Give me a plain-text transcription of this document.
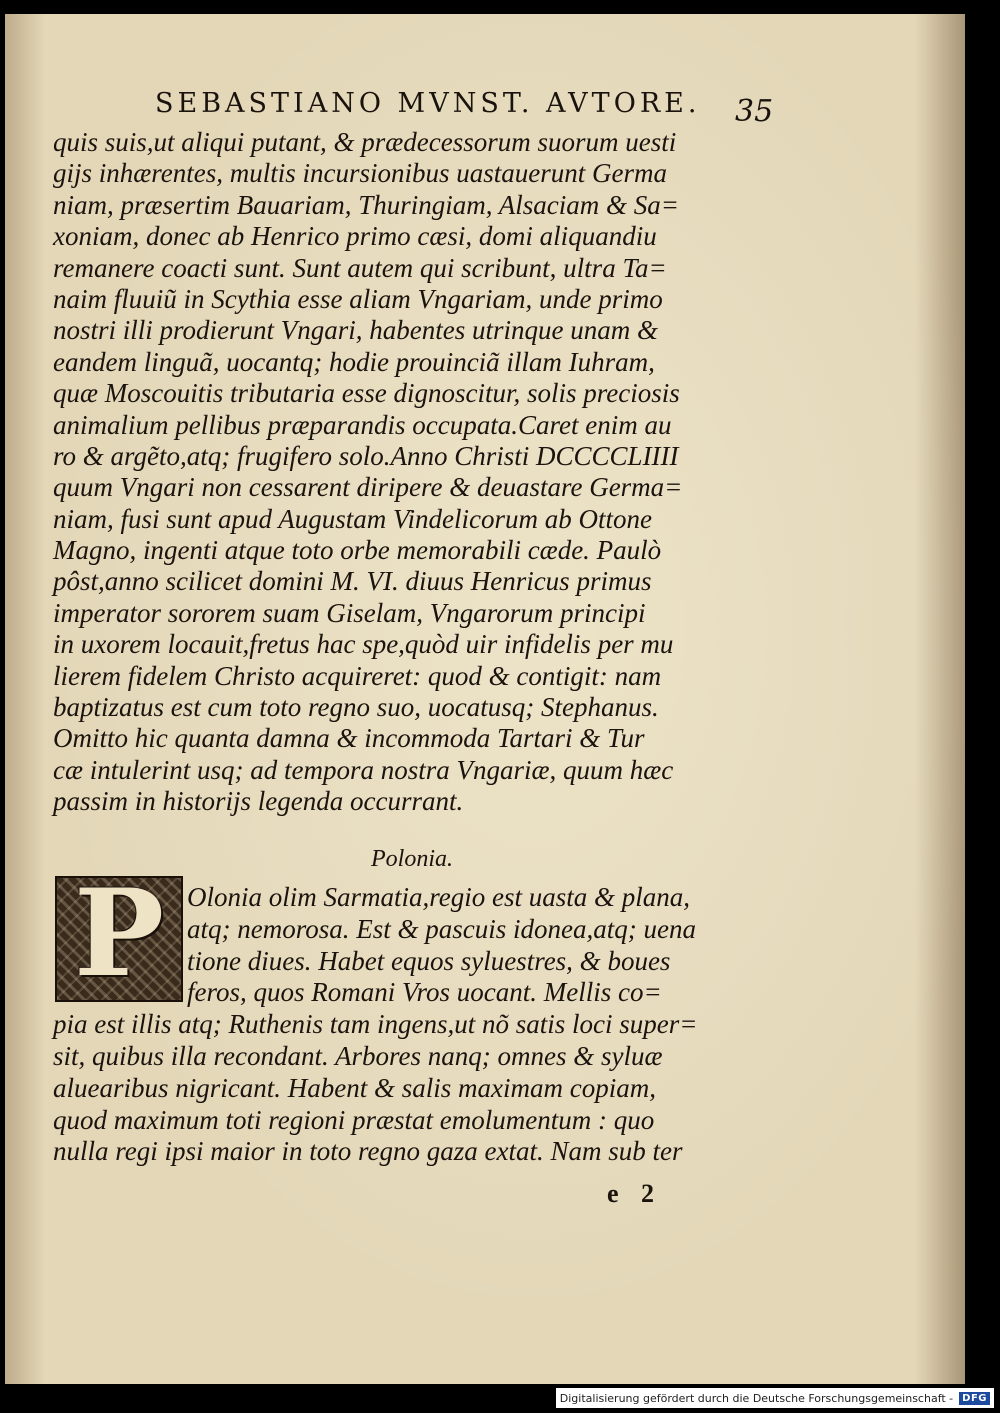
SEBASTIANO MVNST. AVTORE. 35
quis suis,ut aliqui putant, & prædecessorum suorum uesti
gijs inhærentes, multis incursionibus uastauerunt Germa
niam, præsertim Bauariam, Thuringiam, Alsaciam & Sa=
xoniam, donec ab Henrico primo cæsi, domi aliquandiu
remanere coacti sunt. Sunt autem qui scribunt, ultra Ta=
naim fluuiũ in Scythia esse aliam Vngariam, unde primo
nostri illi prodierunt Vngari, habentes utrinque unam &
eandem linguã, uocantq; hodie prouinciã illam Iuhram,
quæ Moscouitis tributaria esse dignoscitur, solis preciosis
animalium pellibus præparandis occupata.Caret enim au
ro & argẽto,atq; frugifero solo.Anno Christi DCCCCLIIII
quum Vngari non cessarent diripere & deuastare Germa=
niam, fusi sunt apud Augustam Vindelicorum ab Ottone
Magno, ingenti atque toto orbe memorabili cæde. Paulò
pôst,anno scilicet domini M. VI. diuus Henricus primus
imperator sororem suam Giselam, Vngarorum principi
in uxorem locauit,fretus hac spe,quòd uir infidelis per mu
lierem fidelem Christo acquireret: quod & contigit: nam
baptizatus est cum toto regno suo, uocatusq; Stephanus.
Omitto hic quanta damna & incommoda Tartari & Tur
cæ intulerint usq; ad tempora nostra Vngariæ, quum hæc
passim in historijs legenda occurrant.
Polonia.
P Olonia olim Sarmatia,regio est uasta & plana,
atq; nemorosa. Est & pascuis idonea,atq; uena
tione diues. Habet equos syluestres, & boues
feros, quos Romani Vros uocant. Mellis co=
pia est illis atq; Ruthenis tam ingens,ut nõ satis loci super=
sit, quibus illa recondant. Arbores nanq; omnes & syluæ
aluearibus nigricant. Habent & salis maximam copiam,
quod maximum toti regioni præstat emolumentum : quo
nulla regi ipsi maior in toto regno gaza extat. Nam sub ter
e 2
Digitalisierung gefördert durch die Deutsche Forschungsgemeinschaft - DFG
